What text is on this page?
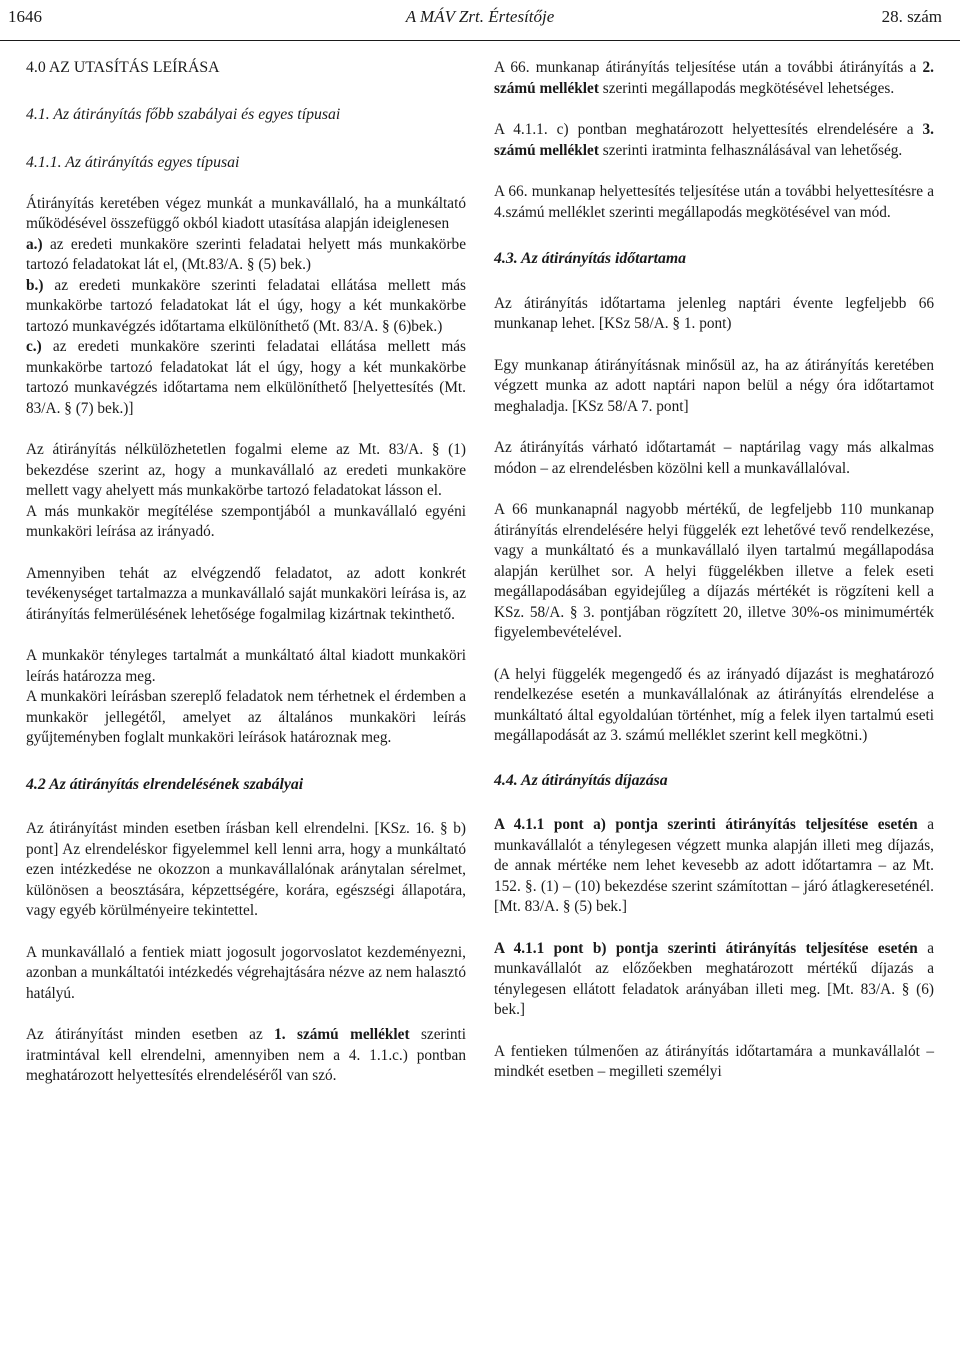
1646	A MÁV Zrt. Értesítője	28. szám

4.0 AZ UTASÍTÁS LEÍRÁSA

4.1. Az átirányítás főbb szabályai és egyes típusai

4.1.1. Az átirányítás egyes típusai

Átirányítás keretében végez munkát a munkavállaló, ha a munkáltató működésével összefüggő okból kiadott utasítása alapján ideiglenesen

a.) az eredeti munkaköre szerinti feladatai helyett más munkakörbe tartozó feladatokat lát el, (Mt.83/A. § (5) bek.)

b.) az eredeti munkaköre szerinti feladatai ellátása mellett más munkakörbe tartozó feladatokat lát el úgy, hogy a két munkakörbe tartozó munkavégzés időtartama elkülöníthető (Mt. 83/A. § (6)bek.)

c.) az eredeti munkaköre szerinti feladatai ellátása mellett más munkakörbe tartozó feladatokat lát el úgy, hogy a két munkakörbe tartozó munkavégzés időtartama nem elkülöníthető [helyettesítés (Mt. 83/A. § (7) bek.)]

Az átirányítás nélkülözhetetlen fogalmi eleme az Mt. 83/A. § (1) bekezdése szerint az, hogy a munkavállaló az eredeti munkaköre mellett vagy ahelyett más munkakörbe tartozó feladatokat lásson el.

A más munkakör megítélése szempontjából a munkavállaló egyéni munkaköri leírása az irányadó.

Amennyiben tehát az elvégzendő feladatot, az adott konkrét tevékenységet tartalmazza a munkavállaló saját munkaköri leírása is, az átirányítás felmerülésének lehetősége fogalmilag kizártnak tekinthető.

A munkakör tényleges tartalmát a munkáltató által kiadott munkaköri leírás határozza meg.

A munkaköri leírásban szereplő feladatok nem térhetnek el érdemben a munkakör jellegétől, amelyet az általános munkaköri leírás gyűjteményben foglalt munkaköri leírások határoznak meg.

4.2 Az átirányítás elrendelésének szabályai

Az átirányítást minden esetben írásban kell elrendelni. [KSz. 16. § b) pont] Az elrendeléskor figyelemmel kell lenni arra, hogy a munkáltató ezen intézkedése ne okozzon a munkavállalónak aránytalan sérelmet, különösen a beosztására, képzettségére, korára, egészségi állapotára, vagy egyéb körülményeire tekintettel.

A munkavállaló a fentiek miatt jogosult jogorvoslatot kezdeményezni, azonban a munkáltatói intézkedés végrehajtására nézve az nem halasztó hatályú.

Az átirányítást minden esetben az 1. számú melléklet szerinti iratmintával kell elrendelni, amennyiben nem a 4. 1.1.c.) pontban meghatározott helyettesítés elrendeléséről van szó.

A 66. munkanap átirányítás teljesítése után a további átirányítás a 2. számú melléklet szerinti megállapodás megkötésével lehetséges.

A 4.1.1. c) pontban meghatározott helyettesítés elrendelésére a 3. számú melléklet szerinti iratminta felhasználásával van lehetőség.

A 66. munkanap helyettesítés teljesítése után a további helyettesítésre a 4.számú melléklet szerinti megállapodás megkötésével van mód.

4.3. Az átirányítás időtartama

Az átirányítás időtartama jelenleg naptári évente legfeljebb 66 munkanap lehet. [KSz 58/A. § 1. pont)

Egy munkanap átirányításnak minősül az, ha az átirányítás keretében végzett munka az adott naptári napon belül a négy óra időtartamot meghaladja. [KSz 58/A 7. pont]

Az átirányítás várható időtartamát – naptárilag vagy más alkalmas módon – az elrendelésben közölni kell a munkavállalóval.

A 66 munkanapnál nagyobb mértékű, de legfeljebb 110 munkanap átirányítás elrendelésére helyi függelék ezt lehetővé tevő rendelkezése, vagy a munkáltató és a munkavállaló ilyen tartalmú megállapodása alapján kerülhet sor. A helyi függelékben illetve a felek eseti megállapodásában egyidejűleg a díjazás mértékét is rögzíteni kell a KSz. 58/A. § 3. pontjában rögzített 20, illetve 30%-os minimumérték figyelembevételével.

(A helyi függelék megengedő és az irányadó díjazást is meghatározó rendelkezése esetén a munkavállalónak az átirányítás elrendelése a munkáltató által egyoldalúan történhet, míg a felek ilyen tartalmú eseti megállapodását az 3. számú melléklet szerint kell megkötni.)

4.4. Az átirányítás díjazása

A 4.1.1 pont a) pontja szerinti átirányítás teljesítése esetén a munkavállalót a ténylegesen végzett munka alapján illeti meg díjazás, de annak mértéke nem lehet kevesebb az adott időtartamra – az Mt. 152. §. (1) – (10) bekezdése szerint számítottan – járó átlagkereseténél. [Mt. 83/A. § (5) bek.]

A 4.1.1 pont b) pontja szerinti átirányítás teljesítése esetén a munkavállalót az előzőekben meghatározott mértékű díjazás a ténylegesen ellátott feladatok arányában illeti meg. [Mt. 83/A. § (6) bek.]

A fentieken túlmenően az átirányítás időtartamára a munkavállalót – mindkét esetben – megilleti személyi
